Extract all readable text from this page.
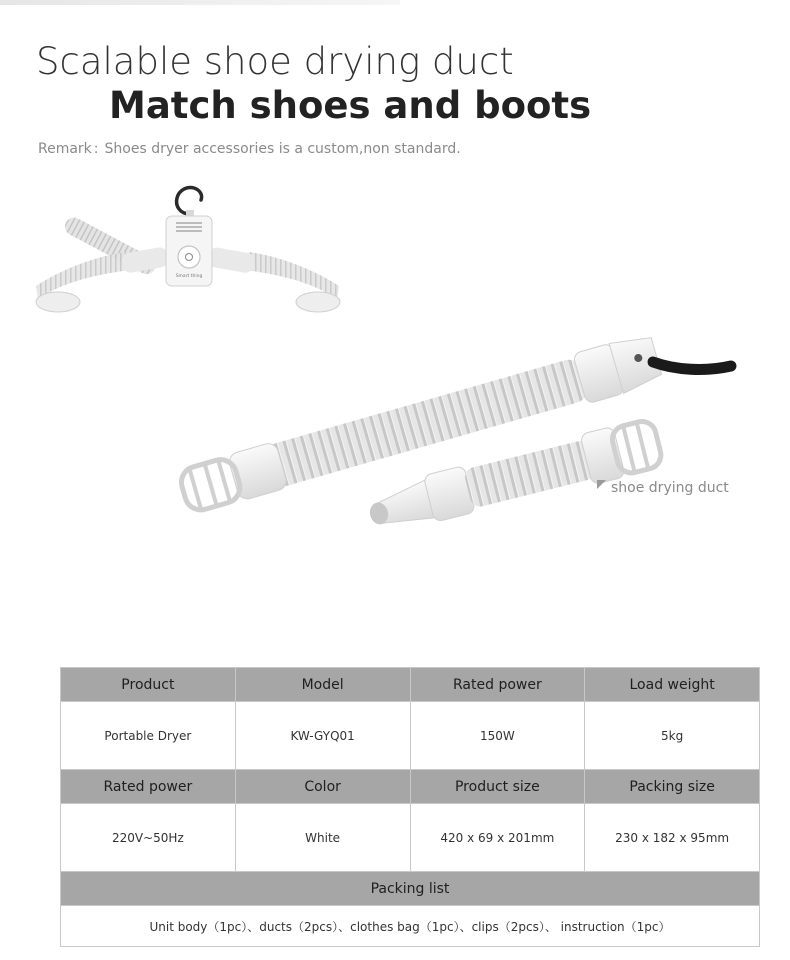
Scalable shoe drying duct
Match shoes and boots
Remark : Shoes dryer accessories is a custom,non standard.
Smart thing
shoe drying duct
Product	Model	Rated power	Load weight
Portable Dryer	KW-GYQ01	150W	5kg
Rated power	Color	Product size	Packing size
220V~50Hz	White	420 x 69 x 201mm	230 x 182 x 95mm
Packing list			
Unit body（1pc）、ducts（2pcs）、clothes bag（1pc）、clips（2pcs）、 instruction（1pc）			
